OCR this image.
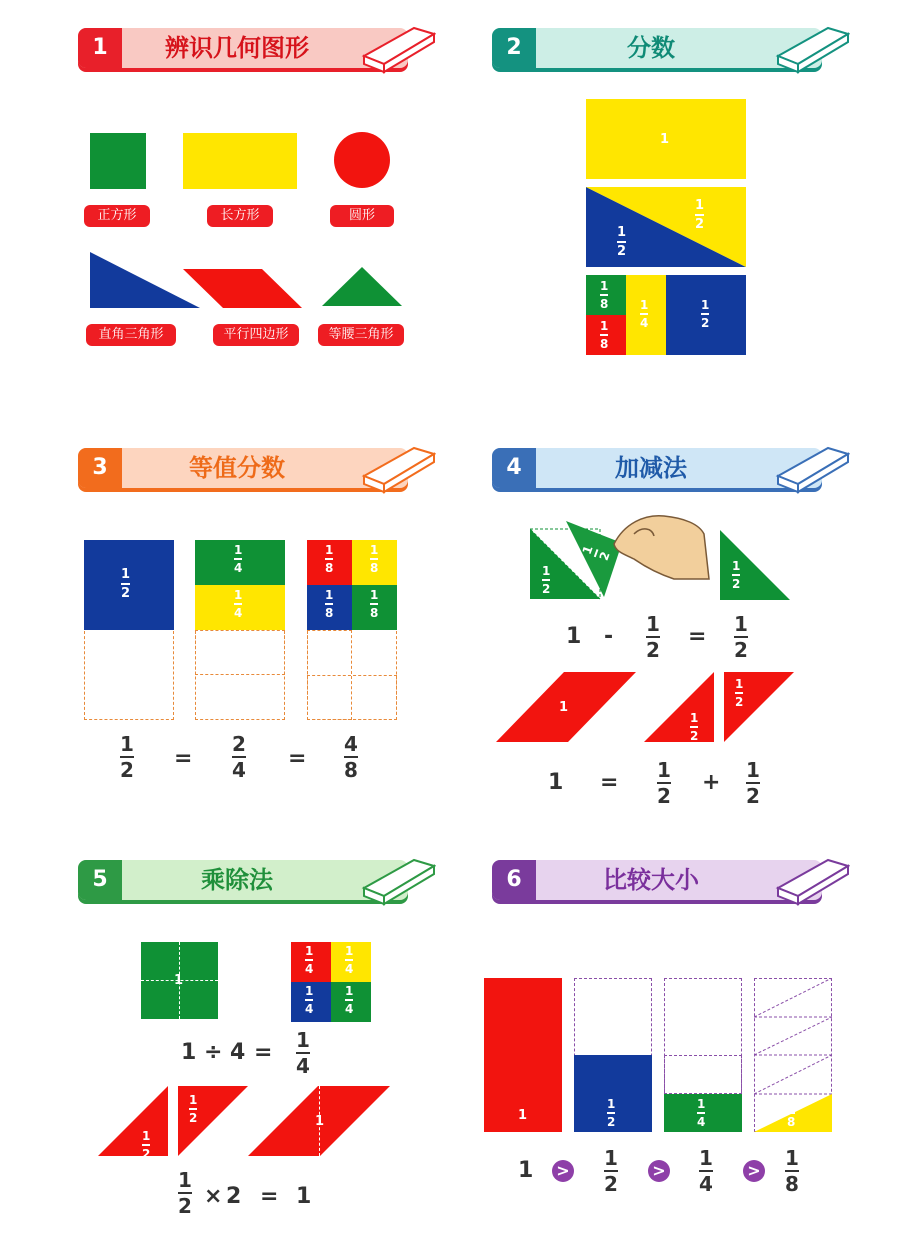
1	辨识几何图形
正方形	长方形	圆形
直角三角形	平行四边形	等腰三角形
2	分数
1
1
2
1
2
1
8
1
8
1
4
1
2
3	等值分数
1
2
1
4
1
4
1
8
1
8
1
8
1
8
1
2 =
2
4 =
4
8
4	加减法
1
2
1 2
1
2
1 - 1
2
= 1
2
1
1
2
1
2
1 = 1
2
+ 1
2
5	乘除法
1
1
4
1
4
1
4
1
4
1 ÷ 4 = 1
4
1
2
1
2	1
1
2 × 2 = 1
6	比较大小
1
1
2
1
4
1
8
1 >
1
2
>
1
4
>
1
8
